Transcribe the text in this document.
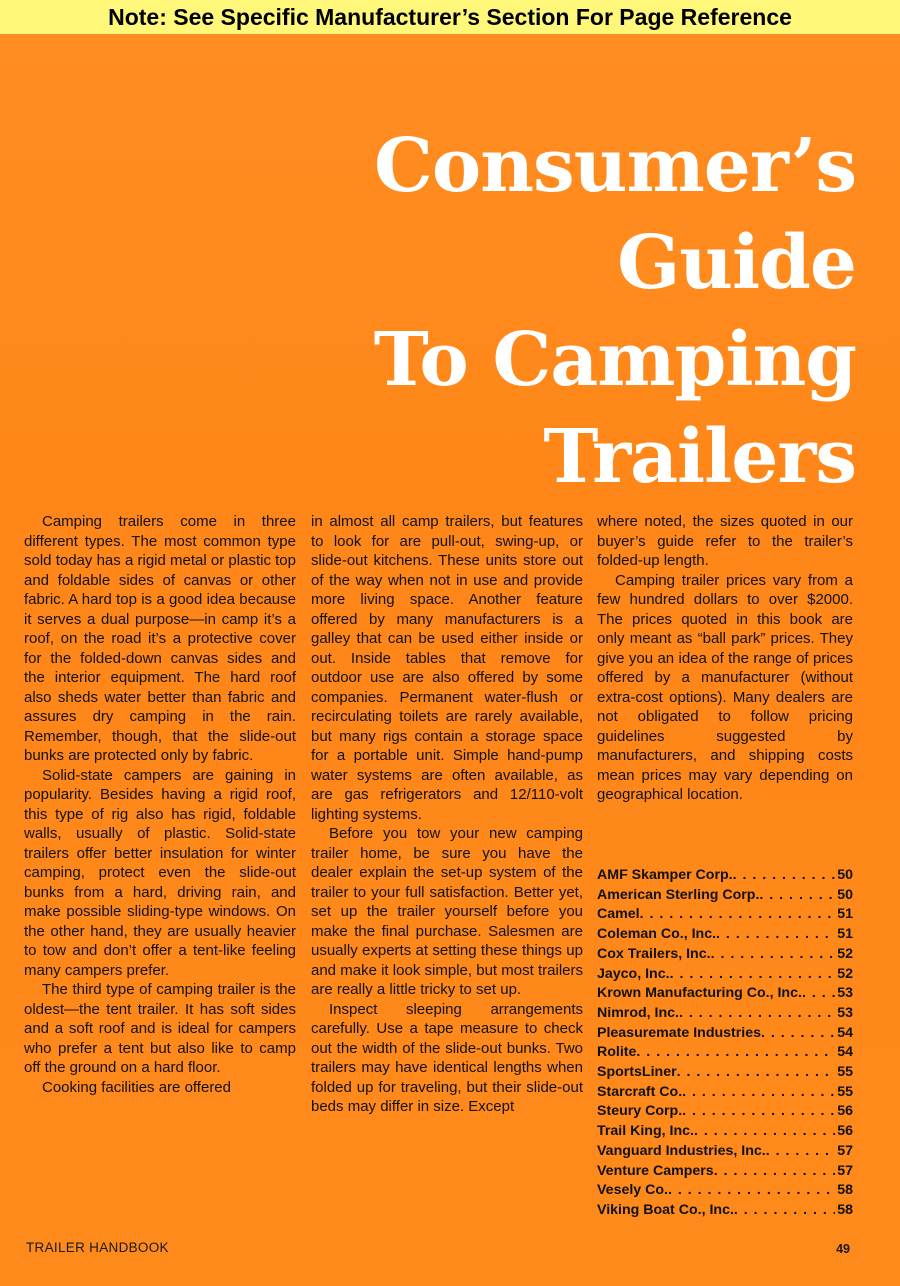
Note: See Specific Manufacturer’s Section For Page Reference
Consumer’s
Guide
To Camping
Trailers

Camping trailers come in three different types. The most common type sold today has a rigid metal or plastic top and foldable sides of canvas or other fabric. A hard top is a good idea because it serves a dual purpose—in camp it’s a roof, on the road it’s a protective cover for the folded-down canvas sides and the interior equipment. The hard roof also sheds water better than fabric and assures dry camping in the rain. Remember, though, that the slide-out bunks are protected only by fabric.

Solid-state campers are gaining in popularity. Besides having a rigid roof, this type of rig also has rigid, foldable walls, usually of plastic. Solid-state trailers offer better insulation for winter camping, protect even the slide-out bunks from a hard, driving rain, and make possible sliding-type windows. On the other hand, they are usually heavier to tow and don’t offer a tent-like feeling many campers prefer.

The third type of camping trailer is the oldest—the tent trailer. It has soft sides and a soft roof and is ideal for campers who prefer a tent but also like to camp off the ground on a hard floor.

Cooking facilities are offered

in almost all camp trailers, but features to look for are pull-out, swing-up, or slide-out kitchens. These units store out of the way when not in use and provide more living space. Another feature offered by many manufacturers is a galley that can be used either inside or out. Inside tables that remove for outdoor use are also offered by some companies. Permanent water-flush or recirculating toilets are rarely available, but many rigs contain a storage space for a portable unit. Simple hand-pump water systems are often available, as are gas refrigerators and 12/110-volt lighting systems.

Before you tow your new camping trailer home, be sure you have the dealer explain the set-up system of the trailer to your full satisfaction. Better yet, set up the trailer yourself before you make the final purchase. Salesmen are usually experts at setting these things up and make it look simple, but most trailers are really a little tricky to set up.

Inspect sleeping arrangements carefully. Use a tape measure to check out the width of the slide-out bunks. Two trailers may have identical lengths when folded up for traveling, but their slide-out beds may differ in size. Except

where noted, the sizes quoted in our buyer’s guide refer to the trailer’s folded-up length.

Camping trailer prices vary from a few hundred dollars to over $2000. The prices quoted in this book are only meant as “ball park” prices. They give you an idea of the range of prices offered by a manufacturer (without extra-cost options). Many dealers are not obligated to follow pricing guidelines suggested by manufacturers, and shipping costs mean prices may vary depending on geographical location.

AMF Skamper Corp. . . .	50
American Sterling Corp. . . .	50
Camel . . .	51
Coleman Co., Inc. . . .	51
Cox Trailers, Inc. . . .	52
Jayco, Inc. . . .	52
Krown Manufacturing Co., Inc. . . . 53
Nimrod, Inc. . . .	53
Pleasuremate Industries . . .	54
Rolite . . .	54
SportsLiner . . .	55
Starcraft Co. . . .	55
Steury Corp. . . .	56
Trail King, Inc. . . .	56
Vanguard Industries, Inc. . . .	57
Venture Campers . . .	57
Vesely Co. . . .	58
Viking Boat Co., Inc. . . .	58
TRAILER HANDBOOK	49
